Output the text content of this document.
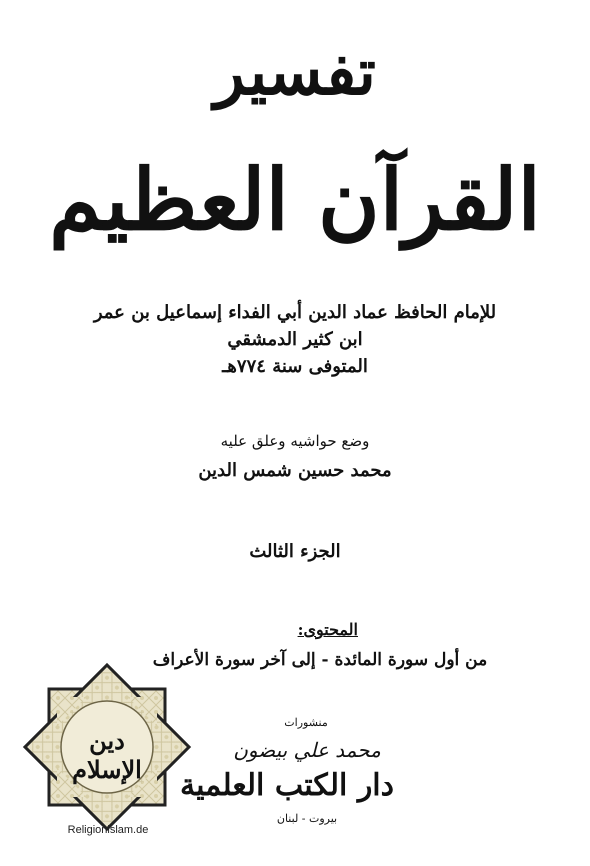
تفسير
القرآن العظيم
للإمام الحافظ عماد الدين أبي الفداء إسماعيل بن عمر
ابن كثير الدمشقي
المتوفى سنة ٧٧٤هـ
وضع حواشيه وعلق عليه
محمد حسين شمس الدين
الجزء الثالث
المحتوى:
من أول سورة المائدة - إلى آخر سورة الأعراف
منشورات
محمد علي بيضون
دار الكتب العلمية
بيروت - لبنان
دين الإسلام
Religionislam.de
